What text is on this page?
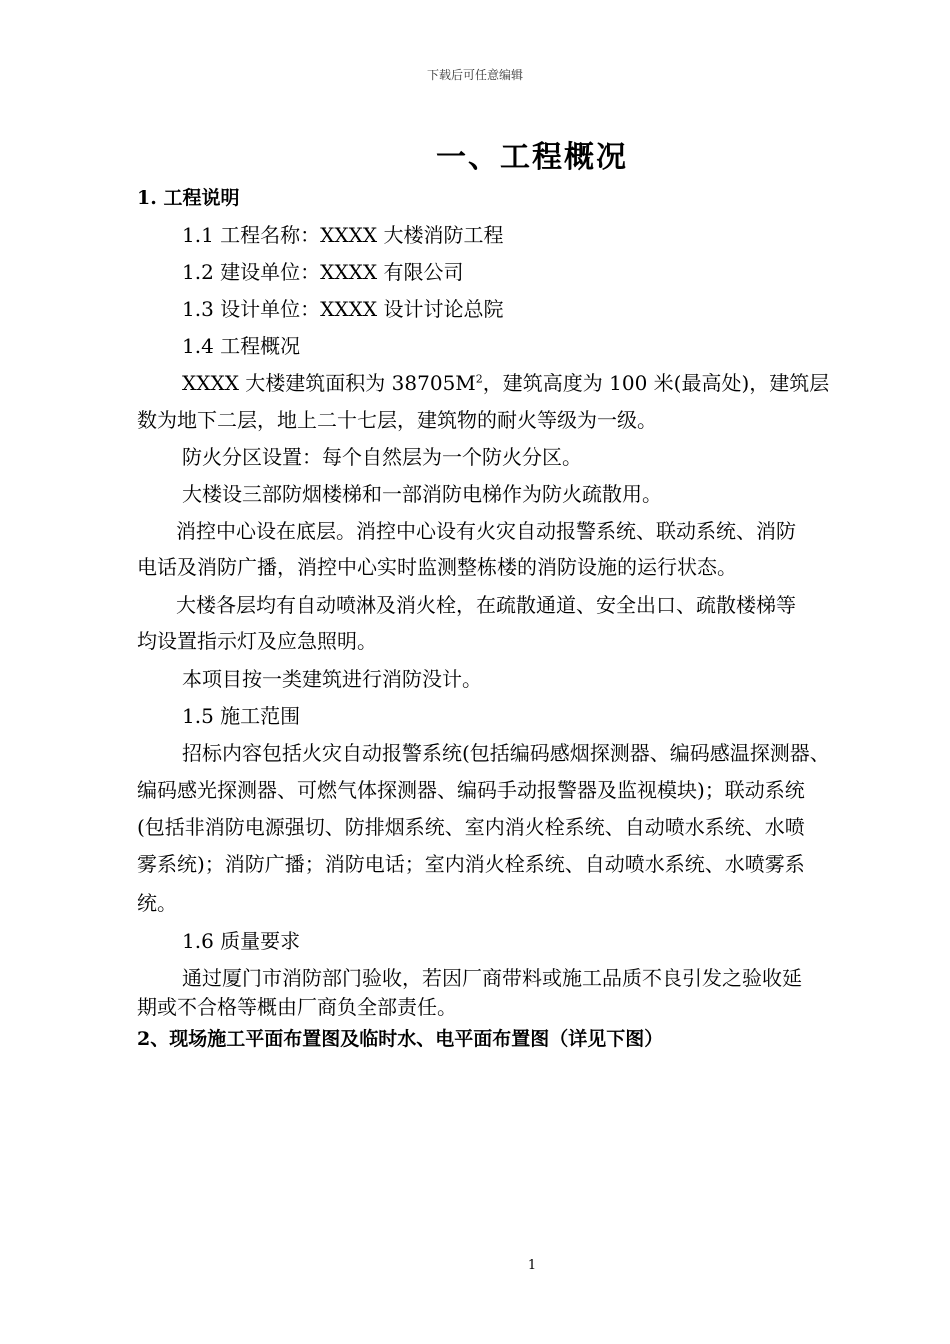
下载后可任意编辑
一、工程概况
1. 工程说明
1.1 工程名称：XXXX 大楼消防工程
1.2 建设单位：XXXX 有限公司
1.3 设计单位：XXXX 设计讨论总院
1.4 工程概况
XXXX 大楼建筑面积为 $38705M^2$，建筑高度为 100 米(最高处)，建筑层
数为地下二层，地上二十七层，建筑物的耐火等级为一级。
防火分区设置：每个自然层为一个防火分区。
大楼设三部防烟楼梯和一部消防电梯作为防火疏散用。
消控中心设在底层。消控中心设有火灾自动报警系统、联动系统、消防
电话及消防广播，消控中心实时监测整栋楼的消防设施的运行状态。
大楼各层均有自动喷淋及消火栓，在疏散通道、安全出口、疏散楼梯等
均设置指示灯及应急照明。
本项目按一类建筑进行消防没计。
1.5 施工范围
招标内容包括火灾自动报警系统(包括编码感烟探测器、编码感温探测器、
编码感光探测器、可燃气体探测器、编码手动报警器及监视模块)；联动系统
(包括非消防电源强切、防排烟系统、室内消火栓系统、自动喷水系统、水喷
雾系统)；消防广播；消防电话；室内消火栓系统、自动喷水系统、水喷雾系
统。
1.6 质量要求
通过厦门市消防部门验收，若因厂商带料或施工品质不良引发之验收延
期或不合格等概由厂商负全部责任。
2、现场施工平面布置图及临时水、电平面布置图（详见下图）
1
